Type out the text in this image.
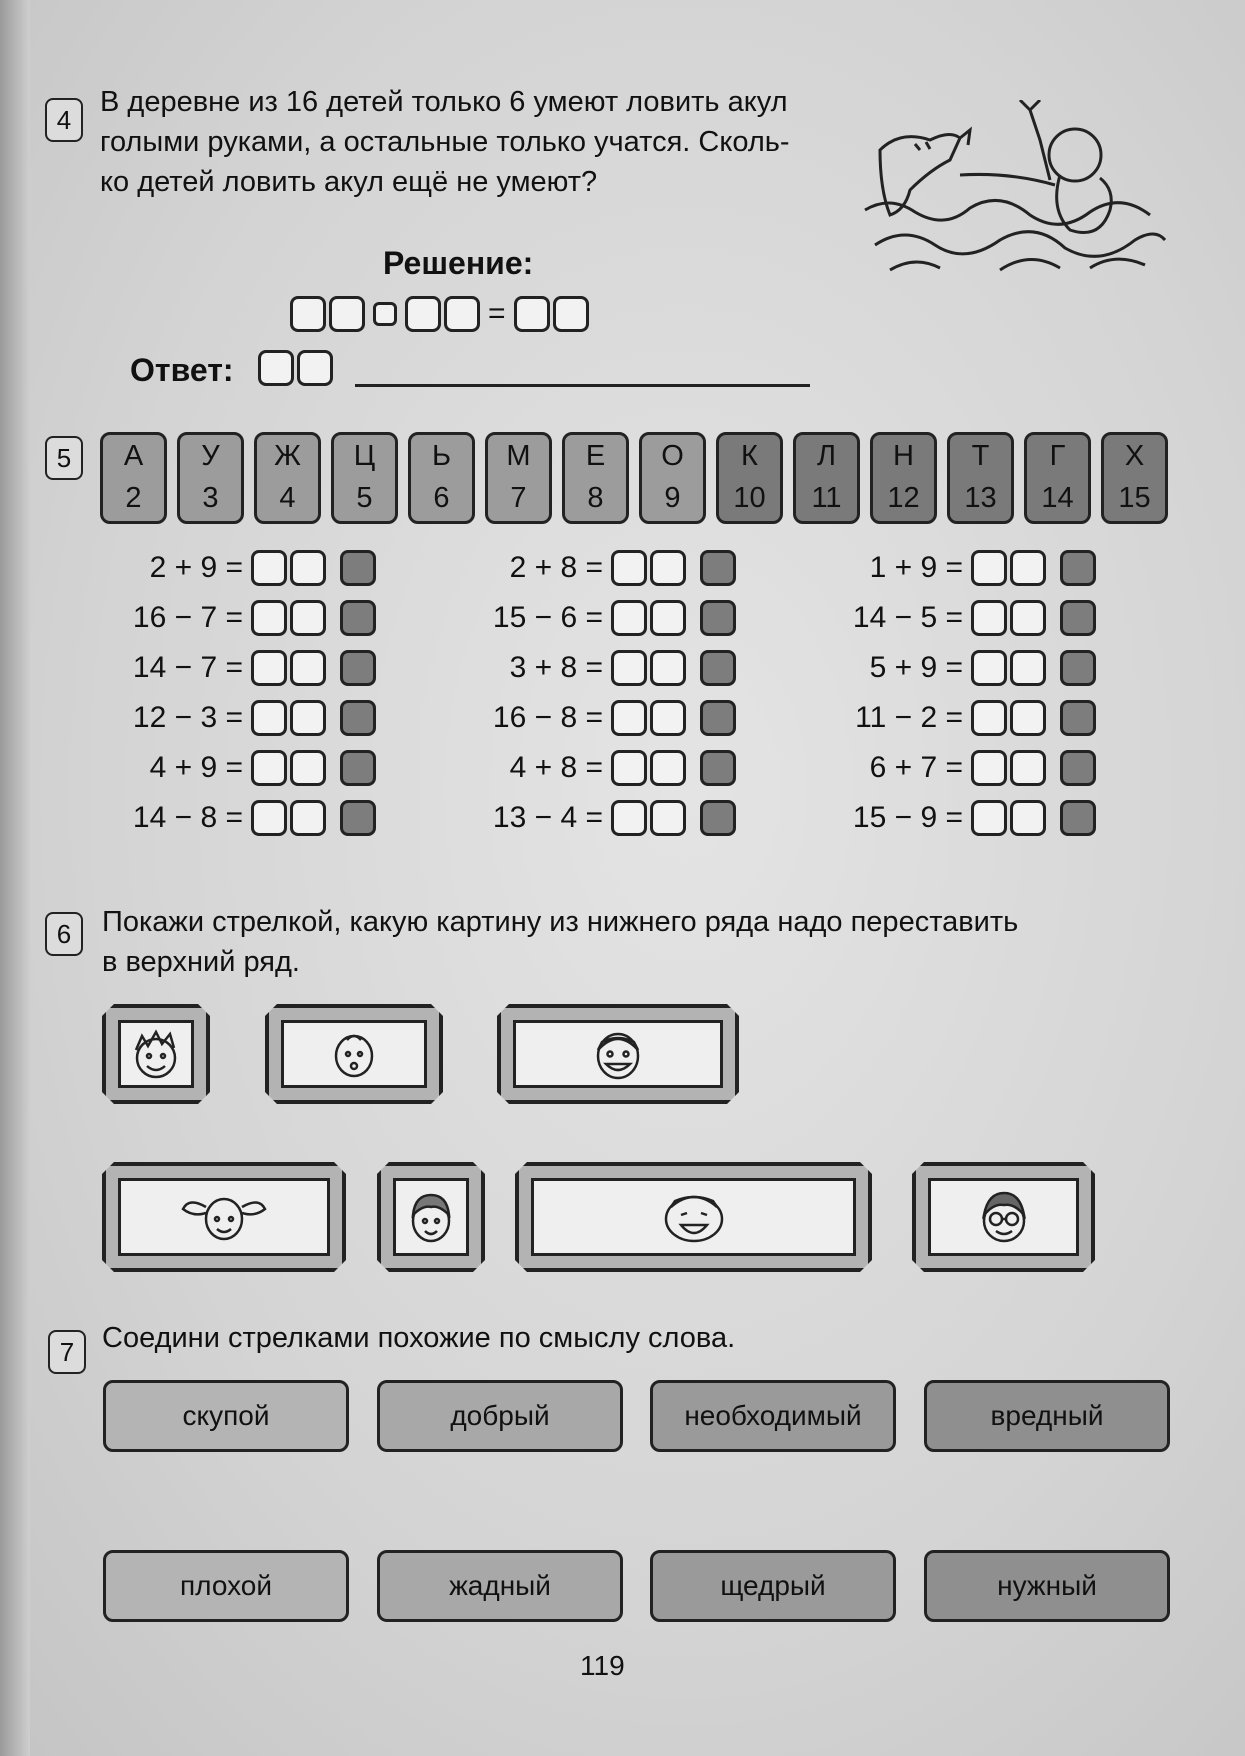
4
В деревне из 16 детей только 6 умеют ловить акул
голыми руками, а остальные только учатся. Сколь-
ко детей ловить акул ещё не умеют?
Решение:
=
Ответ:
5	А
2
У
3
Ж
4
Ц
5
Ь
6
М
7
Е
8
О
9
К
10
Л
11
Н
12
Т
13
Г
14
Х
15
2 + 9 =
16 − 7 =
14 − 7 =
12 − 3 =
4 + 9 =
14 − 8 =
2 + 8 =
15 − 6 =
3 + 8 =
16 − 8 =
4 + 8 =
13 − 4 =
1 + 9 =
14 − 5 =
5 + 9 =
11 − 2 =
6 + 7 =
15 − 9 =
6	Покажи стрелкой, какую картину из нижнего ряда надо переставить
в верхний ряд.
7 Соедини стрелками похожие по смыслу слова.
скупой	добрый	необходимый	вредный
плохой	жадный	щедрый	нужный
119
